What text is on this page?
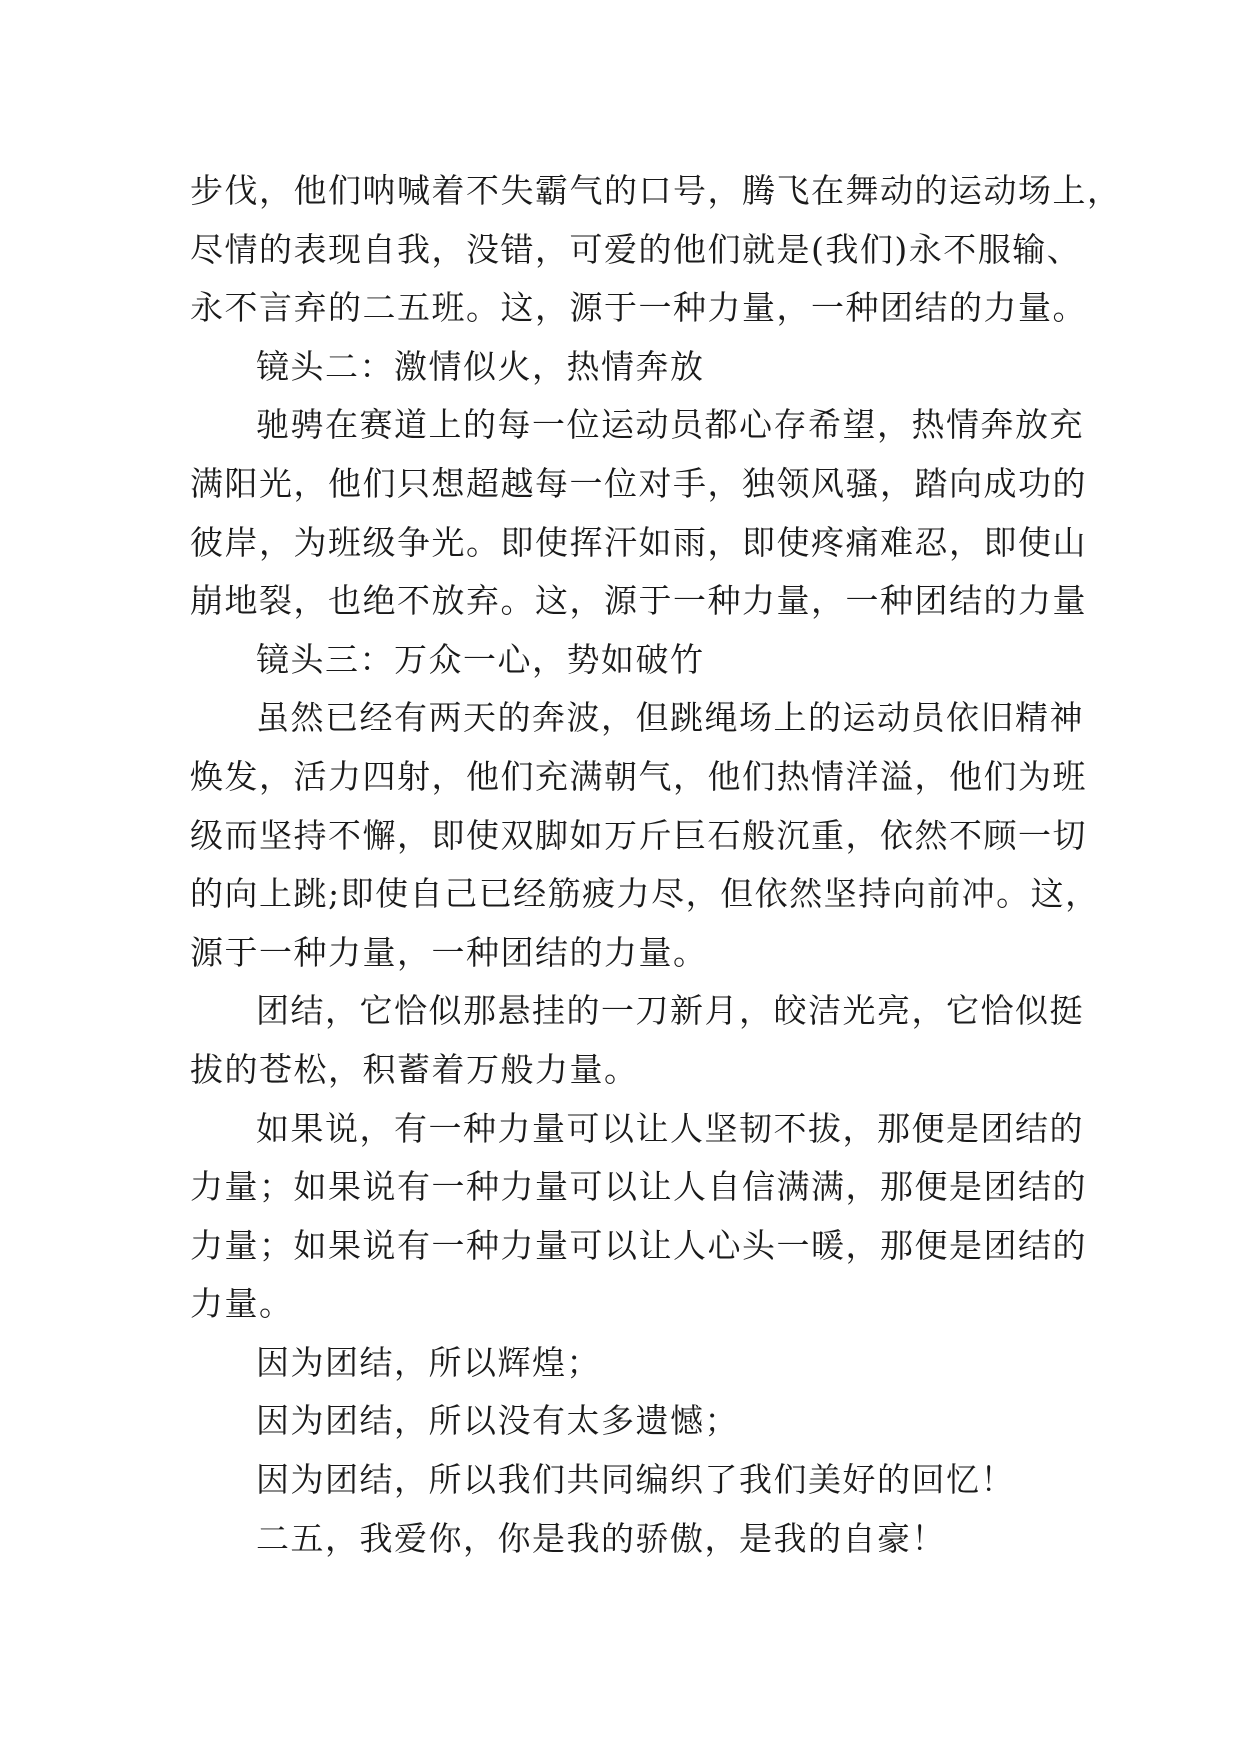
步伐，他们呐喊着不失霸气的口号，腾飞在舞动的运动场上，
尽情的表现自我，没错，可爱的他们就是(我们)永不服输、
永不言弃的二五班。这，源于一种力量，一种团结的力量。
镜头二：激情似火，热情奔放
驰骋在赛道上的每一位运动员都心存希望，热情奔放充
满阳光，他们只想超越每一位对手，独领风骚，踏向成功的
彼岸，为班级争光。即使挥汗如雨，即使疼痛难忍，即使山
崩地裂，也绝不放弃。这，源于一种力量，一种团结的力量
镜头三：万众一心，势如破竹
虽然已经有两天的奔波，但跳绳场上的运动员依旧精神
焕发，活力四射，他们充满朝气，他们热情洋溢，他们为班
级而坚持不懈，即使双脚如万斤巨石般沉重，依然不顾一切
的向上跳;即使自己已经筋疲力尽，但依然坚持向前冲。这，
源于一种力量，一种团结的力量。
团结，它恰似那悬挂的一刀新月，皎洁光亮，它恰似挺
拔的苍松，积蓄着万般力量。
如果说，有一种力量可以让人坚韧不拔，那便是团结的
力量；如果说有一种力量可以让人自信满满，那便是团结的
力量；如果说有一种力量可以让人心头一暖，那便是团结的
力量。
因为团结，所以辉煌；
因为团结，所以没有太多遗憾；
因为团结，所以我们共同编织了我们美好的回忆！
二五，我爱你，你是我的骄傲，是我的自豪！
